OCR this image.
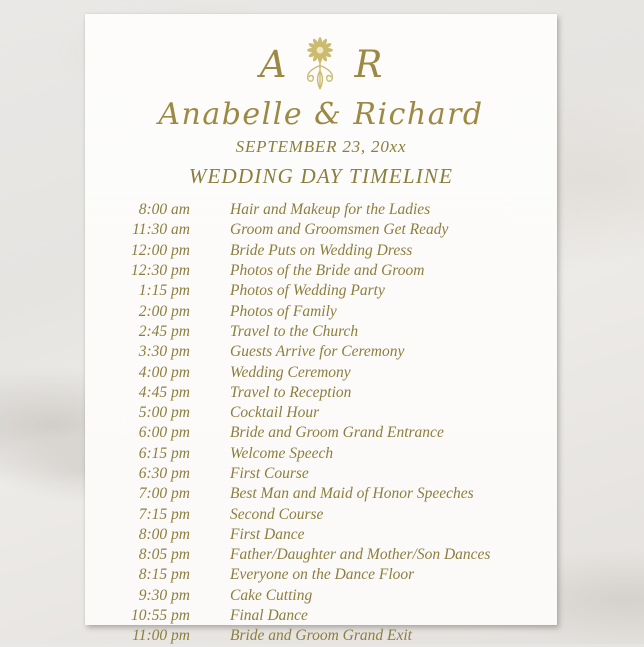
A R
Anabelle & Richard
SEPTEMBER 23, 20xx
WEDDING DAY TIMELINE
8:00 am	Hair and Makeup for the Ladies
11:30 am	Groom and Groomsmen Get Ready
12:00 pm	Bride Puts on Wedding Dress
12:30 pm	Photos of the Bride and Groom
1:15 pm	Photos of Wedding Party
2:00 pm	Photos of Family
2:45 pm	Travel to the Church
3:30 pm	Guests Arrive for Ceremony
4:00 pm	Wedding Ceremony
4:45 pm	Travel to Reception
5:00 pm	Cocktail Hour
6:00 pm	Bride and Groom Grand Entrance
6:15 pm	Welcome Speech
6:30 pm	First Course
7:00 pm	Best Man and Maid of Honor Speeches
7:15 pm	Second Course
8:00 pm	First Dance
8:05 pm	Father/Daughter and Mother/Son Dances
8:15 pm	Everyone on the Dance Floor
9:30 pm	Cake Cutting
10:55 pm	Final Dance
11:00 pm	Bride and Groom Grand Exit
